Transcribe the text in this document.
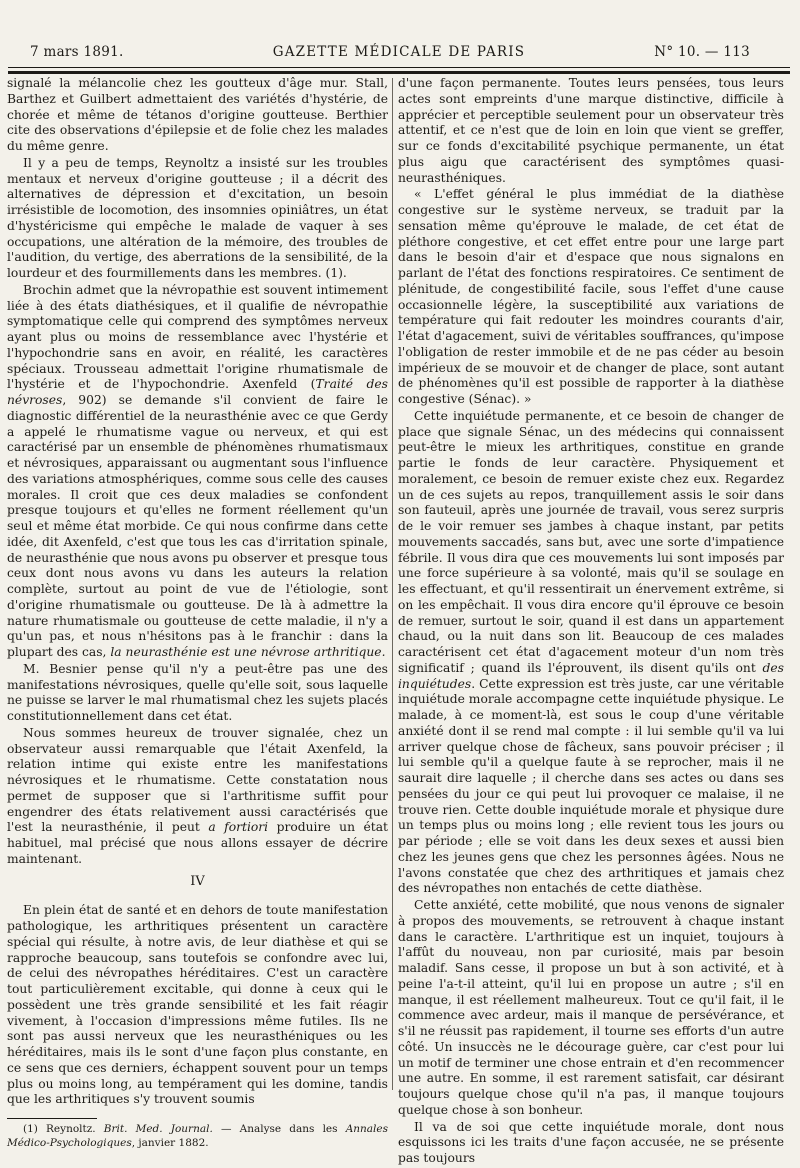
7 mars 1891.	GAZETTE MÉDICALE DE PARIS	N° 10. — 113

signalé la mélancolie chez les goutteux d'âge mur. Stall, Barthez et Guilbert admettaient des variétés d'hystérie, de chorée et même de tétanos d'origine goutteuse. Berthier cite des observations d'épilepsie et de folie chez les malades du même genre.

Il y a peu de temps, Reynoltz a insisté sur les troubles mentaux et nerveux d'origine goutteuse ; il a décrit des alternatives de dépression et d'excitation, un besoin irrésistible de locomotion, des insomnies opiniâtres, un état d'hystéricisme qui empêche le malade de vaquer à ses occupations, une altération de la mémoire, des troubles de l'audition, du vertige, des aberrations de la sensibilité, de la lourdeur et des fourmillements dans les membres. (1).

Brochin admet que la névropathie est souvent intimement liée à des états diathésiques, et il qualifie de névropathie symptomatique celle qui comprend des symptômes nerveux ayant plus ou moins de ressemblance avec l'hystérie et l'hypochondrie sans en avoir, en réalité, les caractères spéciaux. Trousseau admettait l'origine rhumatismale de l'hystérie et de l'hypochondrie. Axenfeld (Traité des névroses, 902) se demande s'il convient de faire le diagnostic différentiel de la neurasthénie avec ce que Gerdy a appelé le rhumatisme vague ou nerveux, et qui est caractérisé par un ensemble de phénomènes rhumatismaux et névrosiques, apparaissant ou augmentant sous l'influence des variations atmosphériques, comme sous celle des causes morales. Il croit que ces deux maladies se confondent presque toujours et qu'elles ne forment réellement qu'un seul et même état morbide. Ce qui nous confirme dans cette idée, dit Axenfeld, c'est que tous les cas d'irritation spinale, de neurasthénie que nous avons pu observer et presque tous ceux dont nous avons vu dans les auteurs la relation complète, surtout au point de vue de l'étiologie, sont d'origine rhumatismale ou goutteuse. De là à admettre la nature rhumatismale ou goutteuse de cette maladie, il n'y a qu'un pas, et nous n'hésitons pas à le franchir : dans la plupart des cas, la neurasthénie est une névrose arthritique.

M. Besnier pense qu'il n'y a peut-être pas une des manifestations névrosiques, quelle qu'elle soit, sous laquelle ne puisse se larver le mal rhumatismal chez les sujets placés constitutionnellement dans cet état.

Nous sommes heureux de trouver signalée, chez un observateur aussi remarquable que l'était Axenfeld, la relation intime qui existe entre les manifestations névrosiques et le rhumatisme. Cette constatation nous permet de supposer que si l'arthritisme suffit pour engendrer des états relativement aussi caractérisés que l'est la neurasthénie, il peut a fortiori produire un état habituel, mal précisé que nous allons essayer de décrire maintenant.

IV

En plein état de santé et en dehors de toute manifestation pathologique, les arthritiques présentent un caractère spécial qui résulte, à notre avis, de leur diathèse et qui se rapproche beaucoup, sans toutefois se confondre avec lui, de celui des névropathes héréditaires. C'est un caractère tout particulièrement excitable, qui donne à ceux qui le possèdent une très grande sensibilité et les fait réagir vivement, à l'occasion d'impressions même futiles. Ils ne sont pas aussi nerveux que les neurasthéniques ou les héréditaires, mais ils le sont d'une façon plus constante, en ce sens que ces derniers, échappent souvent pour un temps plus ou moins long, au tempérament qui les domine, tandis que les arthritiques s'y trouvent soumis

(1) Reynoltz. Brit. Med. Journal. — Analyse dans les Annales Médico-Psychologiques, janvier 1882.

d'une façon permanente. Toutes leurs pensées, tous leurs actes sont empreints d'une marque distinctive, difficile à apprécier et perceptible seulement pour un observateur très attentif, et ce n'est que de loin en loin que vient se greffer, sur ce fonds d'excitabilité psychique permanente, un état plus aigu que caractérisent des symptômes quasi-neurasthéniques.

« L'effet général le plus immédiat de la diathèse congestive sur le système nerveux, se traduit par la sensation même qu'éprouve le malade, de cet état de pléthore congestive, et cet effet entre pour une large part dans le besoin d'air et d'espace que nous signalons en parlant de l'état des fonctions respiratoires. Ce sentiment de plénitude, de congestibilité facile, sous l'effet d'une cause occasionnelle légère, la susceptibilité aux variations de température qui fait redouter les moindres courants d'air, l'état d'agacement, suivi de véritables souffrances, qu'impose l'obligation de rester immobile et de ne pas céder au besoin impérieux de se mouvoir et de changer de place, sont autant de phénomènes qu'il est possible de rapporter à la diathèse congestive (Sénac). »

Cette inquiétude permanente, et ce besoin de changer de place que signale Sénac, un des médecins qui connaissent peut-être le mieux les arthritiques, constitue en grande partie le fonds de leur caractère. Physiquement et moralement, ce besoin de remuer existe chez eux. Regardez un de ces sujets au repos, tranquillement assis le soir dans son fauteuil, après une journée de travail, vous serez surpris de le voir remuer ses jambes à chaque instant, par petits mouvements saccadés, sans but, avec une sorte d'impatience fébrile. Il vous dira que ces mouvements lui sont imposés par une force supérieure à sa volonté, mais qu'il se soulage en les effectuant, et qu'il ressentirait un énervement extrême, si on les empêchait. Il vous dira encore qu'il éprouve ce besoin de remuer, surtout le soir, quand il est dans un appartement chaud, ou la nuit dans son lit. Beaucoup de ces malades caractérisent cet état d'agacement moteur d'un nom très significatif ; quand ils l'éprouvent, ils disent qu'ils ont des inquiétudes. Cette expression est très juste, car une véritable inquiétude morale accompagne cette inquiétude physique. Le malade, à ce moment-là, est sous le coup d'une véritable anxiété dont il se rend mal compte : il lui semble qu'il va lui arriver quelque chose de fâcheux, sans pouvoir préciser ; il lui semble qu'il a quelque faute à se reprocher, mais il ne saurait dire laquelle ; il cherche dans ses actes ou dans ses pensées du jour ce qui peut lui provoquer ce malaise, il ne trouve rien. Cette double inquiétude morale et physique dure un temps plus ou moins long ; elle revient tous les jours ou par période ; elle se voit dans les deux sexes et aussi bien chez les jeunes gens que chez les personnes âgées. Nous ne l'avons constatée que chez des arthritiques et jamais chez des névropathes non entachés de cette diathèse.

Cette anxiété, cette mobilité, que nous venons de signaler à propos des mouvements, se retrouvent à chaque instant dans le caractère. L'arthritique est un inquiet, toujours à l'affût du nouveau, non par curiosité, mais par besoin maladif. Sans cesse, il propose un but à son activité, et à peine l'a-t-il atteint, qu'il lui en propose un autre ; s'il en manque, il est réellement malheureux. Tout ce qu'il fait, il le commence avec ardeur, mais il manque de persévérance, et s'il ne réussit pas rapidement, il tourne ses efforts d'un autre côté. Un insuccès ne le décourage guère, car c'est pour lui un motif de terminer une chose entrain et d'en recommencer une autre. En somme, il est rarement satisfait, car désirant toujours quelque chose qu'il n'a pas, il manque toujours quelque chose à son bonheur.

Il va de soi que cette inquiétude morale, dont nous esquissons ici les traits d'une façon accusée, ne se présente pas toujours
